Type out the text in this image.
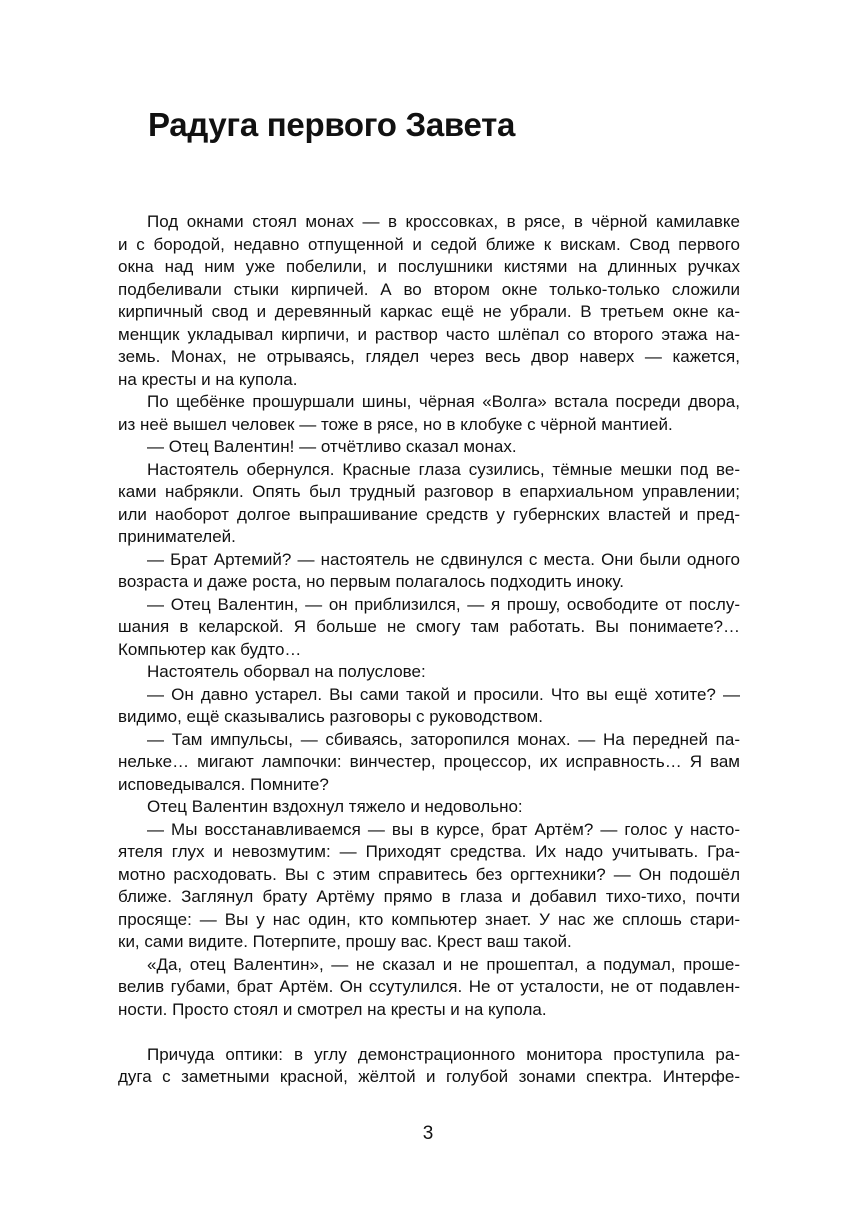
Радуга первого Завета
Под окнами стоял монах — в кроссовках, в рясе, в чёрной камилавке
и с бородой, недавно отпущенной и седой ближе к вискам. Свод первого
окна над ним уже побелили, и послушники кистями на длинных ручках
подбеливали стыки кирпичей. А во втором окне только-только сложили
кирпичный свод и деревянный каркас ещё не убрали. В третьем окне ка-
менщик укладывал кирпичи, и раствор часто шлёпал со второго этажа на-
земь. Монах, не отрываясь, глядел через весь двор наверх — кажется,
на кресты и на купола.
По щебёнке прошуршали шины, чёрная «Волга» встала посреди двора,
из неё вышел человек — тоже в рясе, но в клобуке с чёрной мантией.
— Отец Валентин! — отчётливо сказал монах.
Настоятель обернулся. Красные глаза сузились, тёмные мешки под ве-
ками набрякли. Опять был трудный разговор в епархиальном управлении;
или наоборот долгое выпрашивание средств у губернских властей и пред-
принимателей.
— Брат Артемий? — настоятель не сдвинулся с места. Они были одного
возраста и даже роста, но первым полагалось подходить иноку.
— Отец Валентин, — он приблизился, — я прошу, освободите от послу-
шания в келарской. Я больше не смогу там работать. Вы понимаете?…
Компьютер как будто…
Настоятель оборвал на полуслове:
— Он давно устарел. Вы сами такой и просили. Что вы ещё хотите? —
видимо, ещё сказывались разговоры с руководством.
— Там импульсы, — сбиваясь, заторопился монах. — На передней па-
нельке… мигают лампочки: винчестер, процессор, их исправность… Я вам
исповедывался. Помните?
Отец Валентин вздохнул тяжело и недовольно:
— Мы восстанавливаемся — вы в курсе, брат Артём? — голос у насто-
ятеля глух и невозмутим: — Приходят средства. Их надо учитывать. Гра-
мотно расходовать. Вы с этим справитесь без оргтехники? — Он подошёл
ближе. Заглянул брату Артёму прямо в глаза и добавил тихо-тихо, почти
просяще: — Вы у нас один, кто компьютер знает. У нас же сплошь стари-
ки, сами видите. Потерпите, прошу вас. Крест ваш такой.
«Да, отец Валентин», — не сказал и не прошептал, а подумал, проше-
велив губами, брат Артём. Он ссутулился. Не от усталости, не от подавлен-
ности. Просто стоял и смотрел на кресты и на купола.
Причуда оптики: в углу демонстрационного монитора проступила ра-
дуга с заметными красной, жёлтой и голубой зонами спектра. Интерфе-
3
